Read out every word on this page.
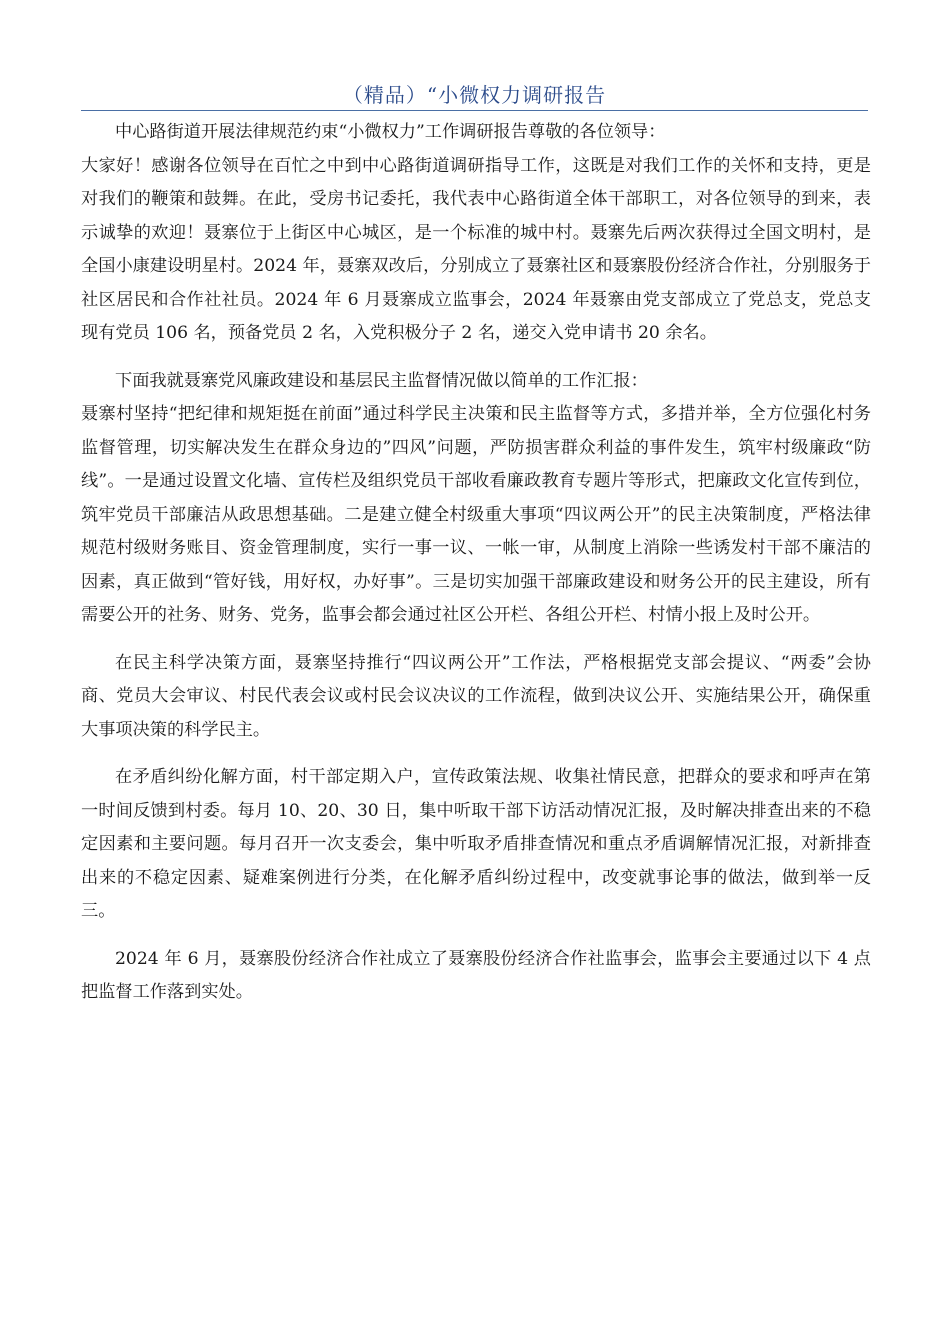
（精品）“小微权力调研报告

中心路街道开展法律规范约束“小微权力”工作调研报告尊敬的各位领导：

大家好！感谢各位领导在百忙之中到中心路街道调研指导工作，这既是对我们工作的关怀和支持，更是对我们的鞭策和鼓舞。在此，受房书记委托，我代表中心路街道全体干部职工，对各位领导的到来，表示诚挚的欢迎！聂寨位于上街区中心城区，是一个标准的城中村。聂寨先后两次获得过全国文明村，是全国小康建设明星村。2024 年，聂寨双改后，分别成立了聂寨社区和聂寨股份经济合作社，分别服务于社区居民和合作社社员。2024 年 6 月聂寨成立监事会，2024 年聂寨由党支部成立了党总支，党总支现有党员 106 名，预备党员 2 名，入党积极分子 2 名，递交入党申请书 20 余名。

下面我就聂寨党风廉政建设和基层民主监督情况做以简单的工作汇报：

聂寨村坚持“把纪律和规矩挺在前面”通过科学民主决策和民主监督等方式，多措并举，全方位强化村务监督管理，切实解决发生在群众身边的”四风”问题，严防损害群众利益的事件发生，筑牢村级廉政“防线”。一是通过设置文化墙、宣传栏及组织党员干部收看廉政教育专题片等形式，把廉政文化宣传到位，筑牢党员干部廉洁从政思想基础。二是建立健全村级重大事项“四议两公开”的民主决策制度，严格法律规范村级财务账目、资金管理制度，实行一事一议、一帐一审，从制度上消除一些诱发村干部不廉洁的因素，真正做到“管好钱，用好权，办好事”。三是切实加强干部廉政建设和财务公开的民主建设，所有需要公开的社务、财务、党务，监事会都会通过社区公开栏、各组公开栏、村情小报上及时公开。

在民主科学决策方面，聂寨坚持推行“四议两公开”工作法，严格根据党支部会提议、“两委”会协商、党员大会审议、村民代表会议或村民会议决议的工作流程，做到决议公开、实施结果公开，确保重大事项决策的科学民主。

在矛盾纠纷化解方面，村干部定期入户，宣传政策法规、收集社情民意，把群众的要求和呼声在第一时间反馈到村委。每月 10、20、30 日，集中听取干部下访活动情况汇报，及时解决排查出来的不稳定因素和主要问题。每月召开一次支委会，集中听取矛盾排查情况和重点矛盾调解情况汇报，对新排查出来的不稳定因素、疑难案例进行分类，在化解矛盾纠纷过程中，改变就事论事的做法，做到举一反三。

2024 年 6 月，聂寨股份经济合作社成立了聂寨股份经济合作社监事会，监事会主要通过以下 4 点把监督工作落到实处。
